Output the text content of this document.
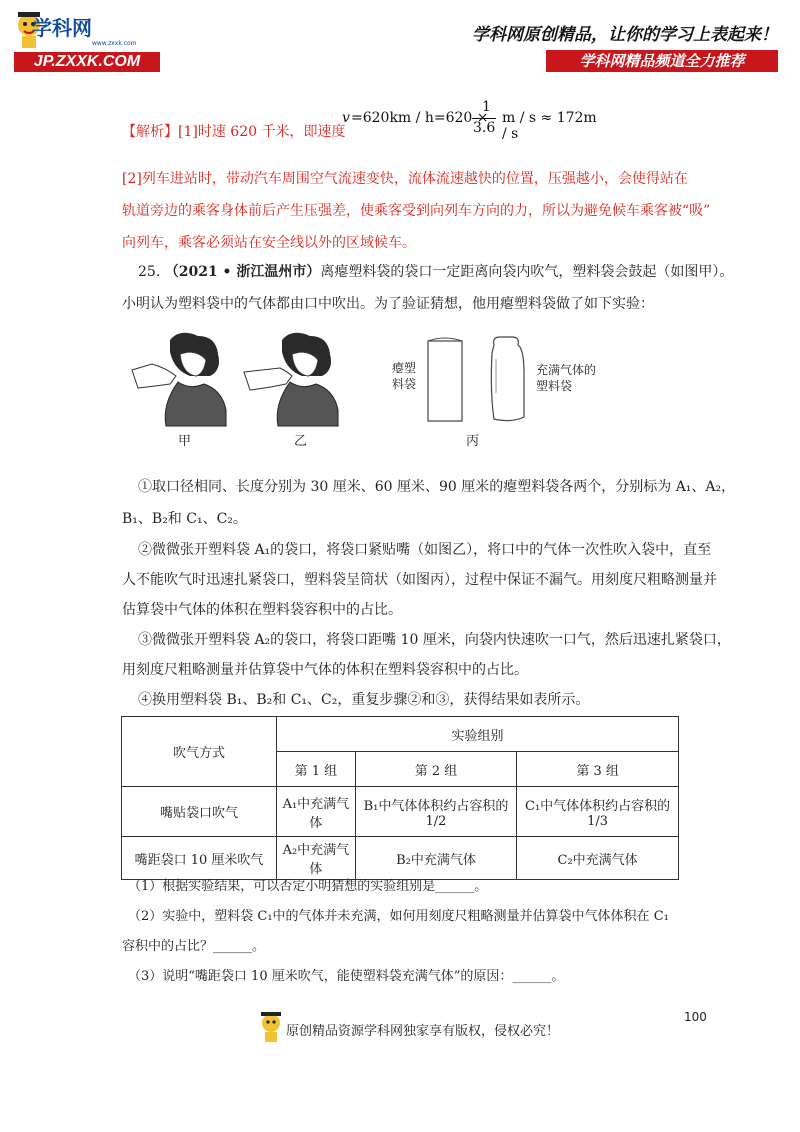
学科网
www.zxxk.com
JP.ZXXK.COM
学科网原创精品，让你的学习上表起来！
学科网精品频道全力推荐
【解析】[1]时速 620 千米，即速度
v =620km / h=620 ×
1
3.6
m / s ≈ 172m / s
[2]列车进站时，带动汽车周围空气流速变快，流体流速越快的位置，压强越小，会使得站在
轨道旁边的乘客身体前后产生压强差，使乘客受到向列车方向的力，所以为避免候车乘客被“吸”
向列车，乘客必须站在安全线以外的区域候车。
25. （2021 • 浙江温州市）离瘪塑料袋的袋口一定距离向袋内吹气，塑料袋会鼓起（如图甲）。
小明认为塑料袋中的气体都由口中吹出。为了验证猜想，他用瘪塑料袋做了如下实验：
甲	乙	丙
瘪塑料袋
充满气体的塑料袋
①取口径相同、长度分别为 30 厘米、60 厘米、90 厘米的瘪塑料袋各两个，分别标为 A₁、A₂，
B₁、B₂和 C₁、C₂。
②微微张开塑料袋 A₁的袋口，将袋口紧贴嘴（如图乙），将口中的气体一次性吹入袋中，直至
人不能吹气时迅速扎紧袋口，塑料袋呈筒状（如图丙），过程中保证不漏气。用刻度尺粗略测量并
估算袋中气体的体积在塑料袋容积中的占比。
③微微张开塑料袋 A₂的袋口，将袋口距嘴 10 厘米，向袋内快速吹一口气，然后迅速扎紧袋口，
用刻度尺粗略测量并估算袋中气体的体积在塑料袋容积中的占比。
④换用塑料袋 B₁、B₂和 C₁、C₂，重复步骤②和③，获得结果如表所示。
吹气方式	实验组别		
	第 1 组	第 2 组	第 3 组
嘴贴袋口吹气	A₁中充满气体	B₁中气体体积约占容积的 1/2	C₁中气体体积约占容积的 1/3
嘴距袋口 10 厘米吹气	A₂中充满气体	B₂中充满气体	C₂中充满气体
（1）根据实验结果，可以否定小明猜想的实验组别是______。
（2）实验中，塑料袋 C₁中的气体并未充满，如何用刻度尺粗略测量并估算袋中气体体积在 C₁
容积中的占比？______。
（3）说明“嘴距袋口 10 厘米吹气，能使塑料袋充满气体”的原因：______。
100
原创精品资源学科网独家享有版权，侵权必究！
